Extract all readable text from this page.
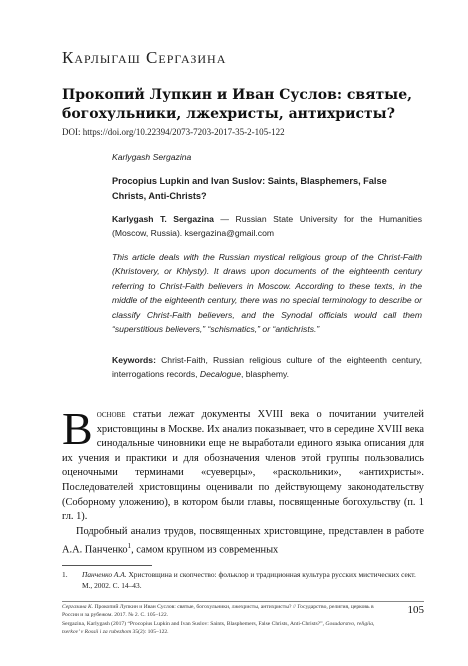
Карлыгаш Сергазина
Прокопий Лупкин и Иван Суслов: святые, богохульники, лжехристы, антихристы?
DOI: https://doi.org/10.22394/2073-7203-2017-35-2-105-122
Karlygash Sergazina
Procopius Lupkin and Ivan Suslov: Saints, Blasphemers, False Christs, Anti-Christs?
Karlygash T. Sergazina — Russian State University for the Humanities (Moscow, Russia). ksergazina@gmail.com
This article deals with the Russian mystical religious group of the Christ-Faith (Khristovery, or Khlysty). It draws upon documents of the eighteenth century referring to Christ-Faith believers in Moscow. According to these texts, in the middle of the eighteenth century, there was no special terminology to describe or classify Christ-Faith believers, and the Synodal officials would call them “superstitious believers,” “schismatics,” or “antichrists.”
Keywords: Christ-Faith, Russian religious culture of the eighteenth century, interrogations records, Decalogue, blasphemy.

Воснове статьи лежат документы XVIII века о почитании учителей христовщины в Москве. Их анализ показывает, что в середине XVIII века синодальные чиновники еще не выработали единого языка описания для их учения и практики и для обозначения членов этой группы пользовались оценочными терминами «суеверцы», «раскольники», «антихристы». Последователей христовщины оценивали по действующему законодательству (Соборному уложению), в котором были главы, посвященные богохульству (п. 1 гл. 1).

Подробный анализ трудов, посвященных христовщине, представлен в работе А.А. Панченко$^1$, самом крупном из современных

1. Панченко А.А. Христовщина и скопчество: фольклор и традиционная культура русских мистических сект. М., 2002. С. 14–43.
Сергазина К. Прокопий Лупкин и Иван Суслов: святые, богохульники, лжехристы, антихристы? // Государство, религия, церковь в России и за рубежом. 2017. № 2. С. 105–122.
Sergazina, Karlygash (2017) “Procopius Lupkin and Ivan Suslov: Saints, Blasphemers, False Christs, Anti-Christs?”, Gosudarstvo, religiia, tserkov’ v Rossii i za rubezhom 35(2): 105–122.
105
